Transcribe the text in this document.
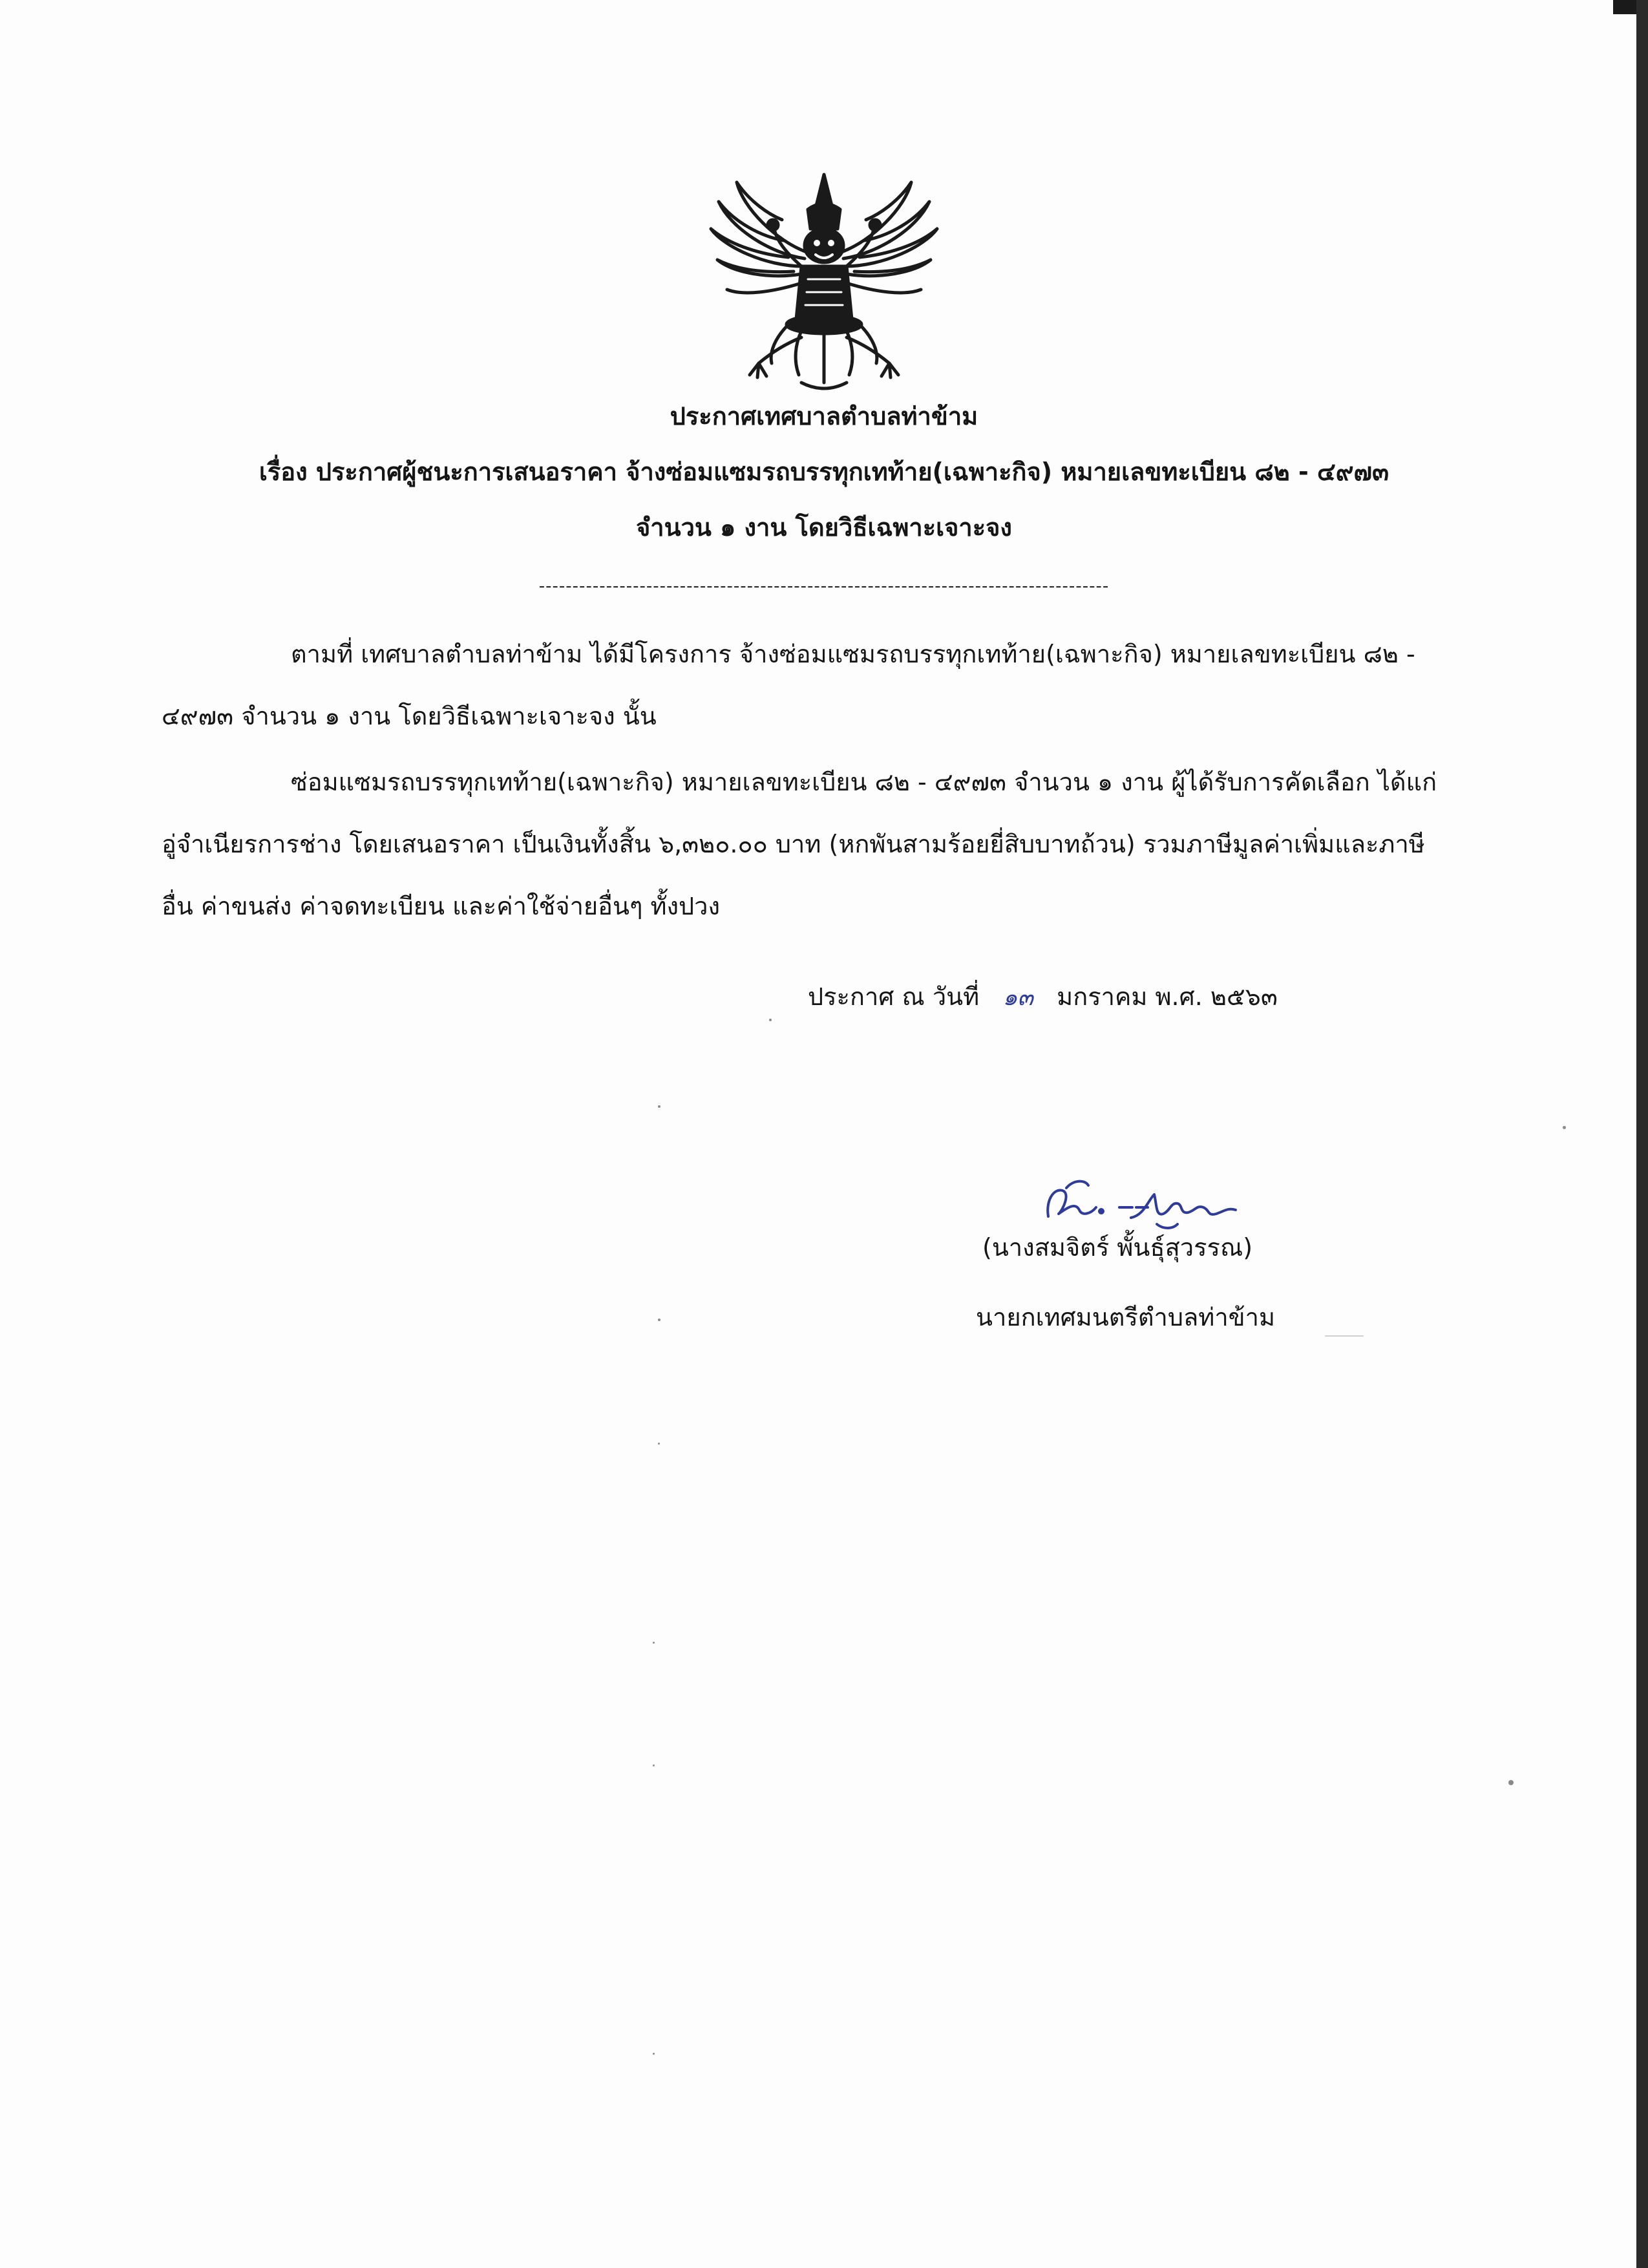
ประกาศเทศบาลตำบลท่าข้าม
เรื่อง ประกาศผู้ชนะการเสนอราคา จ้างซ่อมแซมรถบรรทุกเทท้าย(เฉพาะกิจ) หมายเลขทะเบียน ๘๒ - ๔๙๗๓
จำนวน ๑ งาน โดยวิธีเฉพาะเจาะจง
-------------------------------------------------------------------------------------

ตามที่ เทศบาลตำบลท่าข้าม ได้มีโครงการ จ้างซ่อมแซมรถบรรทุกเทท้าย(เฉพาะกิจ) หมายเลขทะเบียน ๘๒ - ๔๙๗๓ จำนวน ๑ งาน โดยวิธีเฉพาะเจาะจง นั้น

ซ่อมแซมรถบรรทุกเทท้าย(เฉพาะกิจ) หมายเลขทะเบียน ๘๒ - ๔๙๗๓ จำนวน ๑ งาน ผู้ได้รับการคัดเลือก ได้แก่ อู่จำเนียรการช่าง โดยเสนอราคา เป็นเงินทั้งสิ้น ๖,๓๒๐.๐๐ บาท (หกพันสามร้อยยี่สิบบาทถ้วน) รวมภาษีมูลค่าเพิ่มและภาษีอื่น ค่าขนส่ง ค่าจดทะเบียน และค่าใช้จ่ายอื่นๆ ทั้งปวง

ประกาศ ณ วันที่ ๑๓ มกราคม พ.ศ. ๒๕๖๓
(นางสมจิตร์ พั้นธุ์สุวรรณ)
นายกเทศมนตรีตำบลท่าข้าม
